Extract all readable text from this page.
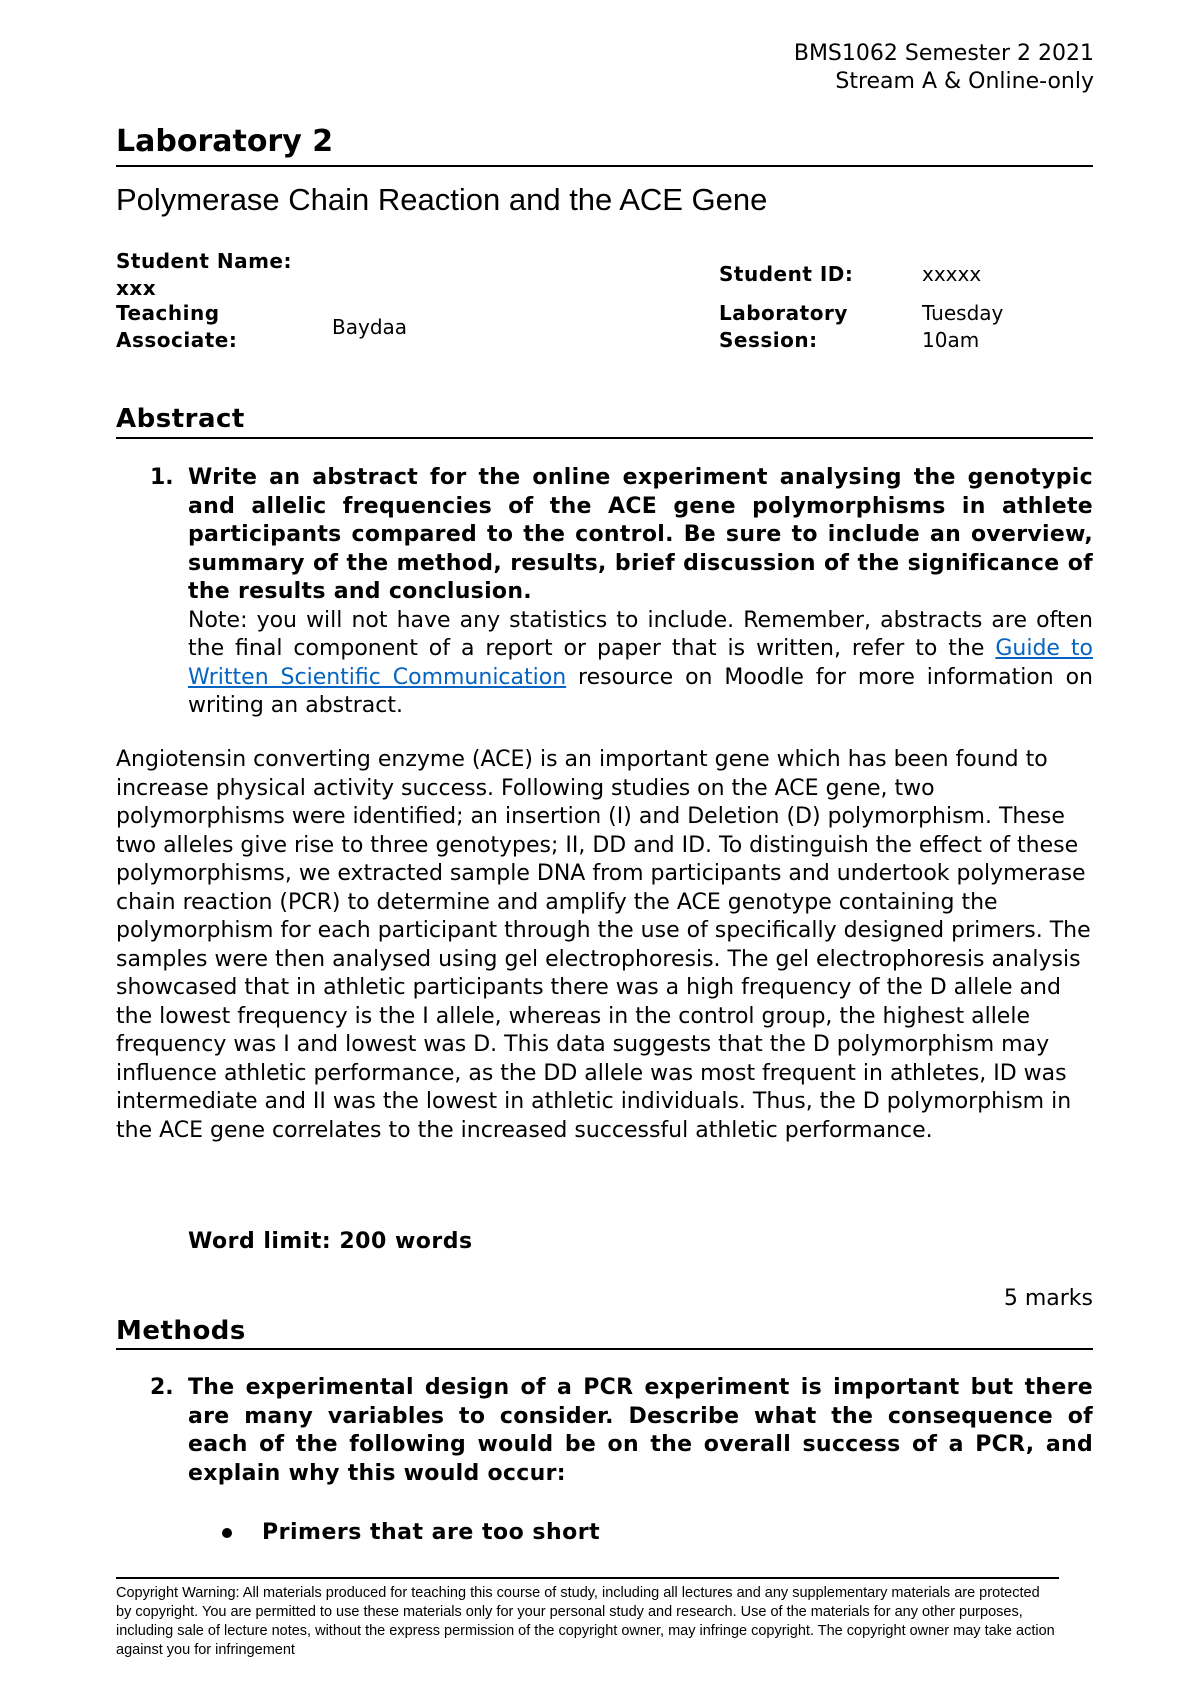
BMS1062 Semester 2 2021
Stream A & Online-only
Laboratory 2
Polymerase Chain Reaction and the ACE Gene
Student Name:
xxx
Teaching
Associate:
Baydaa
Student ID:	xxxxx
Laboratory
Session:
Tuesday
10am
Abstract
1. Write an abstract for the online experiment analysing the genotypic and allelic frequencies of the ACE gene polymorphisms in athlete participants compared to the control. Be sure to include an overview, summary of the method, results, brief discussion of the significance of the results and conclusion.
Note: you will not have any statistics to include. Remember, abstracts are often the final component of a report or paper that is written, refer to the Guide to Written Scientific Communication resource on Moodle for more information on writing an abstract.
Angiotensin converting enzyme (ACE) is an important gene which has been found to increase physical activity success. Following studies on the ACE gene, two polymorphisms were identified; an insertion (I) and Deletion (D) polymorphism. These two alleles give rise to three genotypes; II, DD and ID. To distinguish the effect of these polymorphisms, we extracted sample DNA from participants and undertook polymerase chain reaction (PCR) to determine and amplify the ACE genotype containing the polymorphism for each participant through the use of specifically designed primers. The samples were then analysed using gel electrophoresis. The gel electrophoresis analysis showcased that in athletic participants there was a high frequency of the D allele and the lowest frequency is the I allele, whereas in the control group, the highest allele frequency was I and lowest was D. This data suggests that the D polymorphism may influence athletic performance, as the DD allele was most frequent in athletes, ID was intermediate and II was the lowest in athletic individuals. Thus, the D polymorphism in the ACE gene correlates to the increased successful athletic performance.
Word limit: 200 words
5 marks
Methods
2. The experimental design of a PCR experiment is important but there are many variables to consider. Describe what the consequence of each of the following would be on the overall success of a PCR, and explain why this would occur:
Primers that are too short
Copyright Warning: All materials produced for teaching this course of study, including all lectures and any supplementary materials are protected by copyright. You are permitted to use these materials only for your personal study and research. Use of the materials for any other purposes, including sale of lecture notes, without the express permission of the copyright owner, may infringe copyright. The copyright owner may take action against you for infringement
